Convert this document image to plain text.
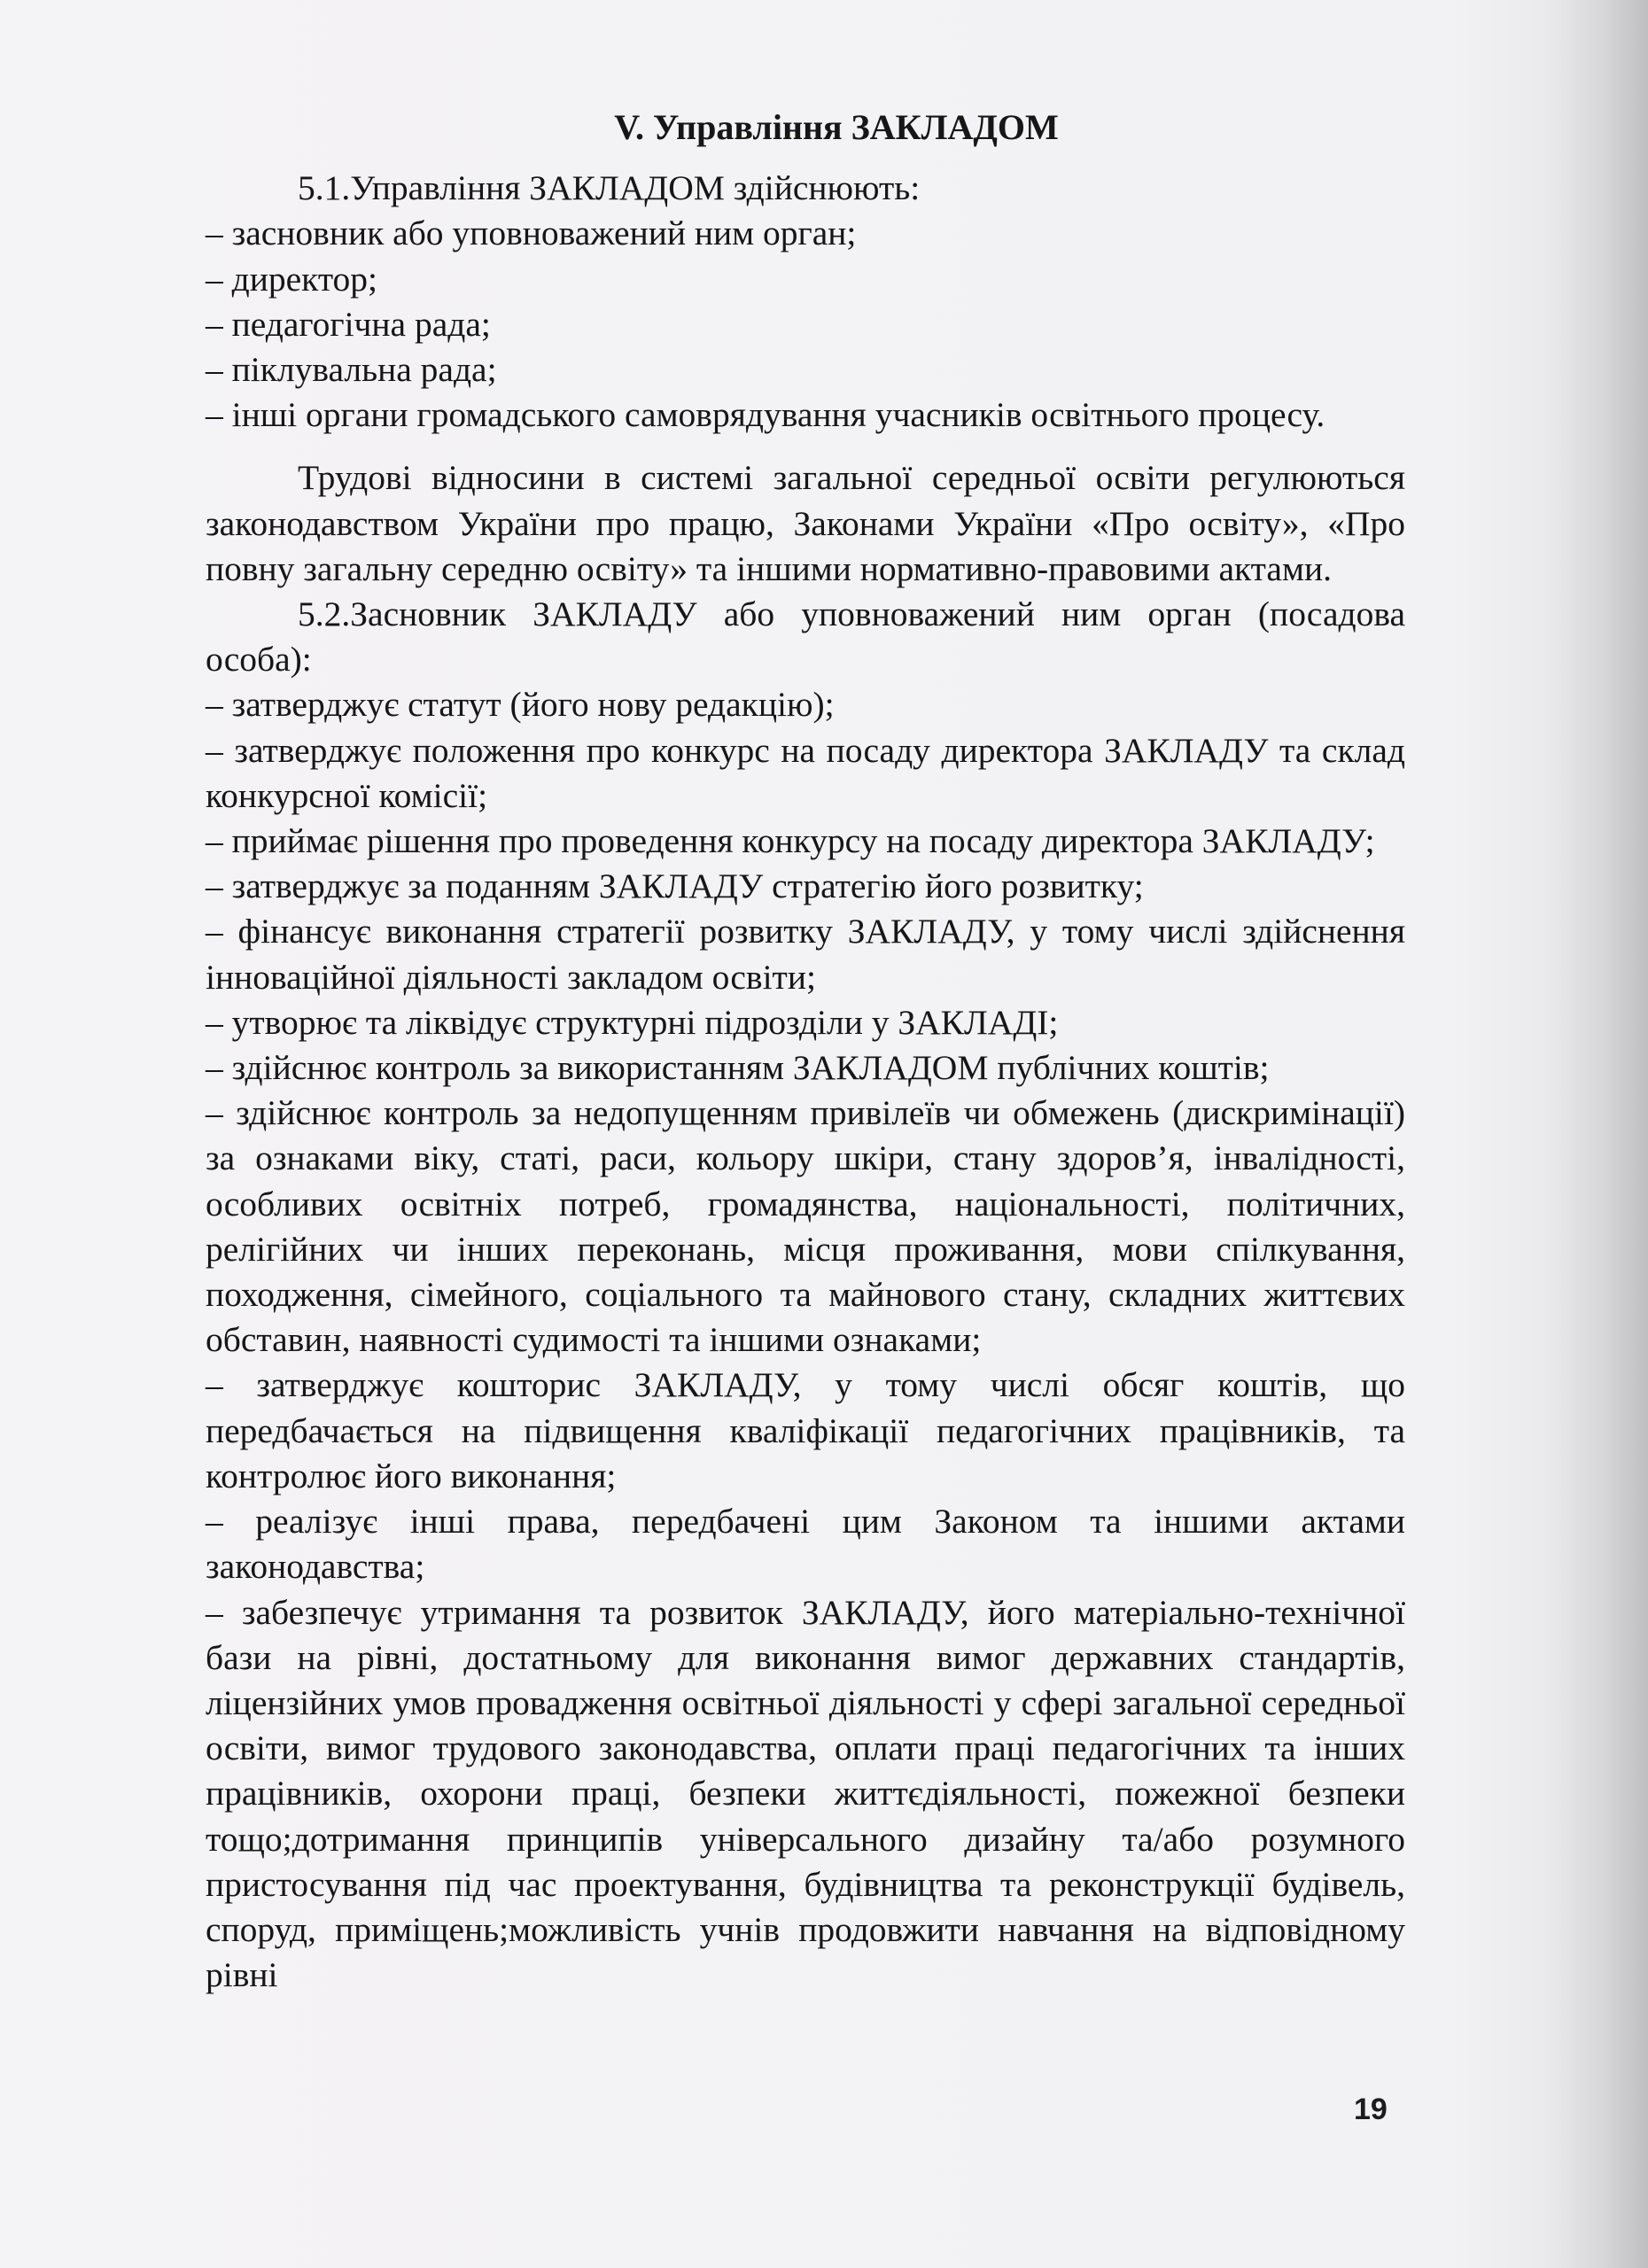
V. Управління ЗАКЛАДОМ

5.1.Управління ЗАКЛАДОМ здійснюють:

– засновник або уповноважений ним орган;

– директор;

– педагогічна рада;

– піклувальна рада;

– інші органи громадського самоврядування учасників освітнього процесу.

Трудові відносини в системі загальної середньої освіти регулюються законодавством України про працю, Законами України «Про освіту», «Про повну загальну середню освіту» та іншими нормативно-правовими актами.

5.2.Засновник ЗАКЛАДУ або уповноважений ним орган (посадова особа):

– затверджує статут (його нову редакцію);

– затверджує положення про конкурс на посаду директора ЗАКЛАДУ та склад конкурсної комісії;

– приймає рішення про проведення конкурсу на посаду директора ЗАКЛАДУ;

– затверджує за поданням ЗАКЛАДУ стратегію його розвитку;

– фінансує виконання стратегії розвитку ЗАКЛАДУ, у тому числі здійснення інноваційної діяльності закладом освіти;

– утворює та ліквідує структурні підрозділи у ЗАКЛАДІ;

– здійснює контроль за використанням ЗАКЛАДОМ публічних коштів;

– здійснює контроль за недопущенням привілеїв чи обмежень (дискримінації) за ознаками віку, статі, раси, кольору шкіри, стану здоров’я, інвалідності, особливих освітніх потреб, громадянства, національності, політичних, релігійних чи інших переконань, місця проживання, мови спілкування, походження, сімейного, соціального та майнового стану, складних життєвих обставин, наявності судимості та іншими ознаками;

– затверджує кошторис ЗАКЛАДУ, у тому числі обсяг коштів, що передбачається на підвищення кваліфікації педагогічних працівників, та контролює його виконання;

– реалізує інші права, передбачені цим Законом та іншими актами законодавства;

– забезпечує утримання та розвиток ЗАКЛАДУ, його матеріально-технічної бази на рівні, достатньому для виконання вимог державних стандартів, ліцензійних умов провадження освітньої діяльності у сфері загальної середньої освіти, вимог трудового законодавства, оплати праці педагогічних та інших працівників, охорони праці, безпеки життєдіяльності, пожежної безпеки тощо;дотримання принципів універсального дизайну та/або розумного пристосування під час проектування, будівництва та реконструкції будівель, споруд, приміщень;можливість учнів продовжити навчання на відповідному рівні

19
